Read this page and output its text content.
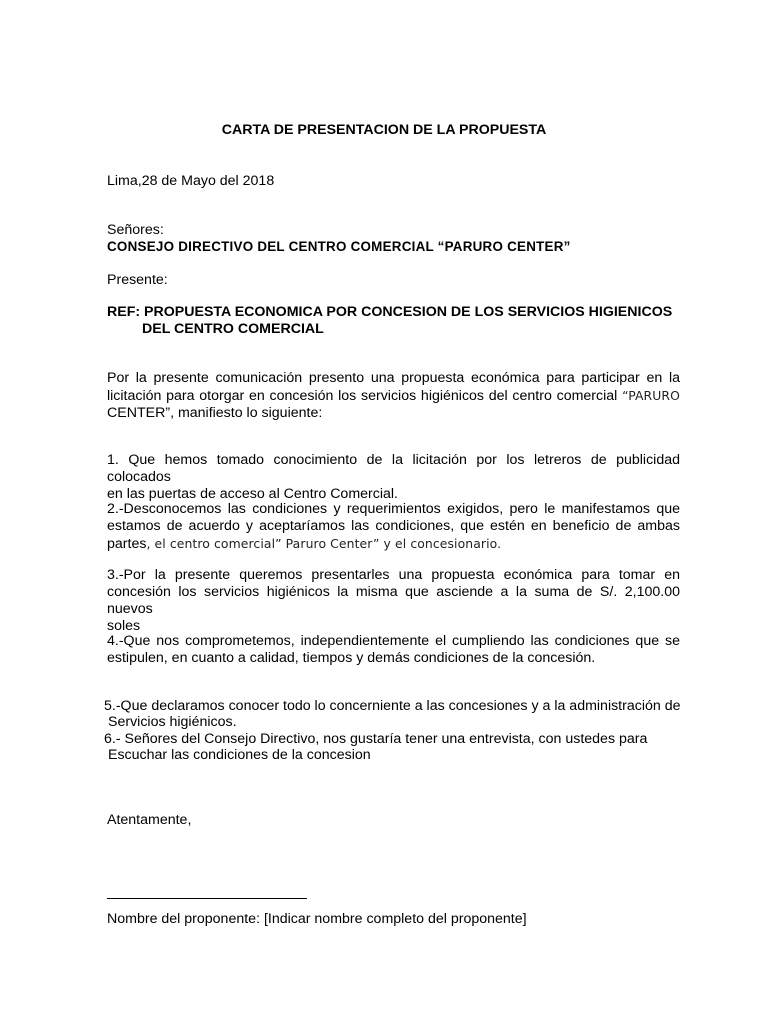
CARTA DE PRESENTACION DE LA PROPUESTA
Lima,28 de Mayo del 2018
Señores:
CONSEJO DIRECTIVO DEL CENTRO COMERCIAL “PARURO CENTER”
Presente:
REF: PROPUESTA ECONOMICA POR CONCESION DE LOS SERVICIOS HIGIENICOS
DEL CENTRO COMERCIAL
Por la presente comunicación presento una propuesta económica para participar en la
licitación para otorgar en concesión los servicios higiénicos del centro comercial “PARURO
CENTER”, manifiesto lo siguiente:
1. Que hemos tomado conocimiento de la licitación por los letreros de publicidad colocados
en las puertas de acceso al Centro Comercial.
2.-Desconocemos las condiciones y requerimientos exigidos, pero le manifestamos que
estamos de acuerdo y aceptaríamos las condiciones, que estén en beneficio de ambas
partes, el centro comercial” Paruro Center” y el concesionario.
3.-Por la presente queremos presentarles una propuesta económica para tomar en
concesión los servicios higiénicos la misma que asciende a la suma de S/. 2,100.00 nuevos
soles
4.-Que nos comprometemos, independientemente el cumpliendo las condiciones que se
estipulen, en cuanto a calidad, tiempos y demás condiciones de la concesión.
5.-Que declaramos conocer todo lo concerniente a las concesiones y a la administración de
Servicios higiénicos.
6.- Señores del Consejo Directivo, nos gustaría tener una entrevista, con ustedes para
Escuchar las condiciones de la concesion
Atentamente,
Nombre del proponente: [Indicar nombre completo del proponente]
